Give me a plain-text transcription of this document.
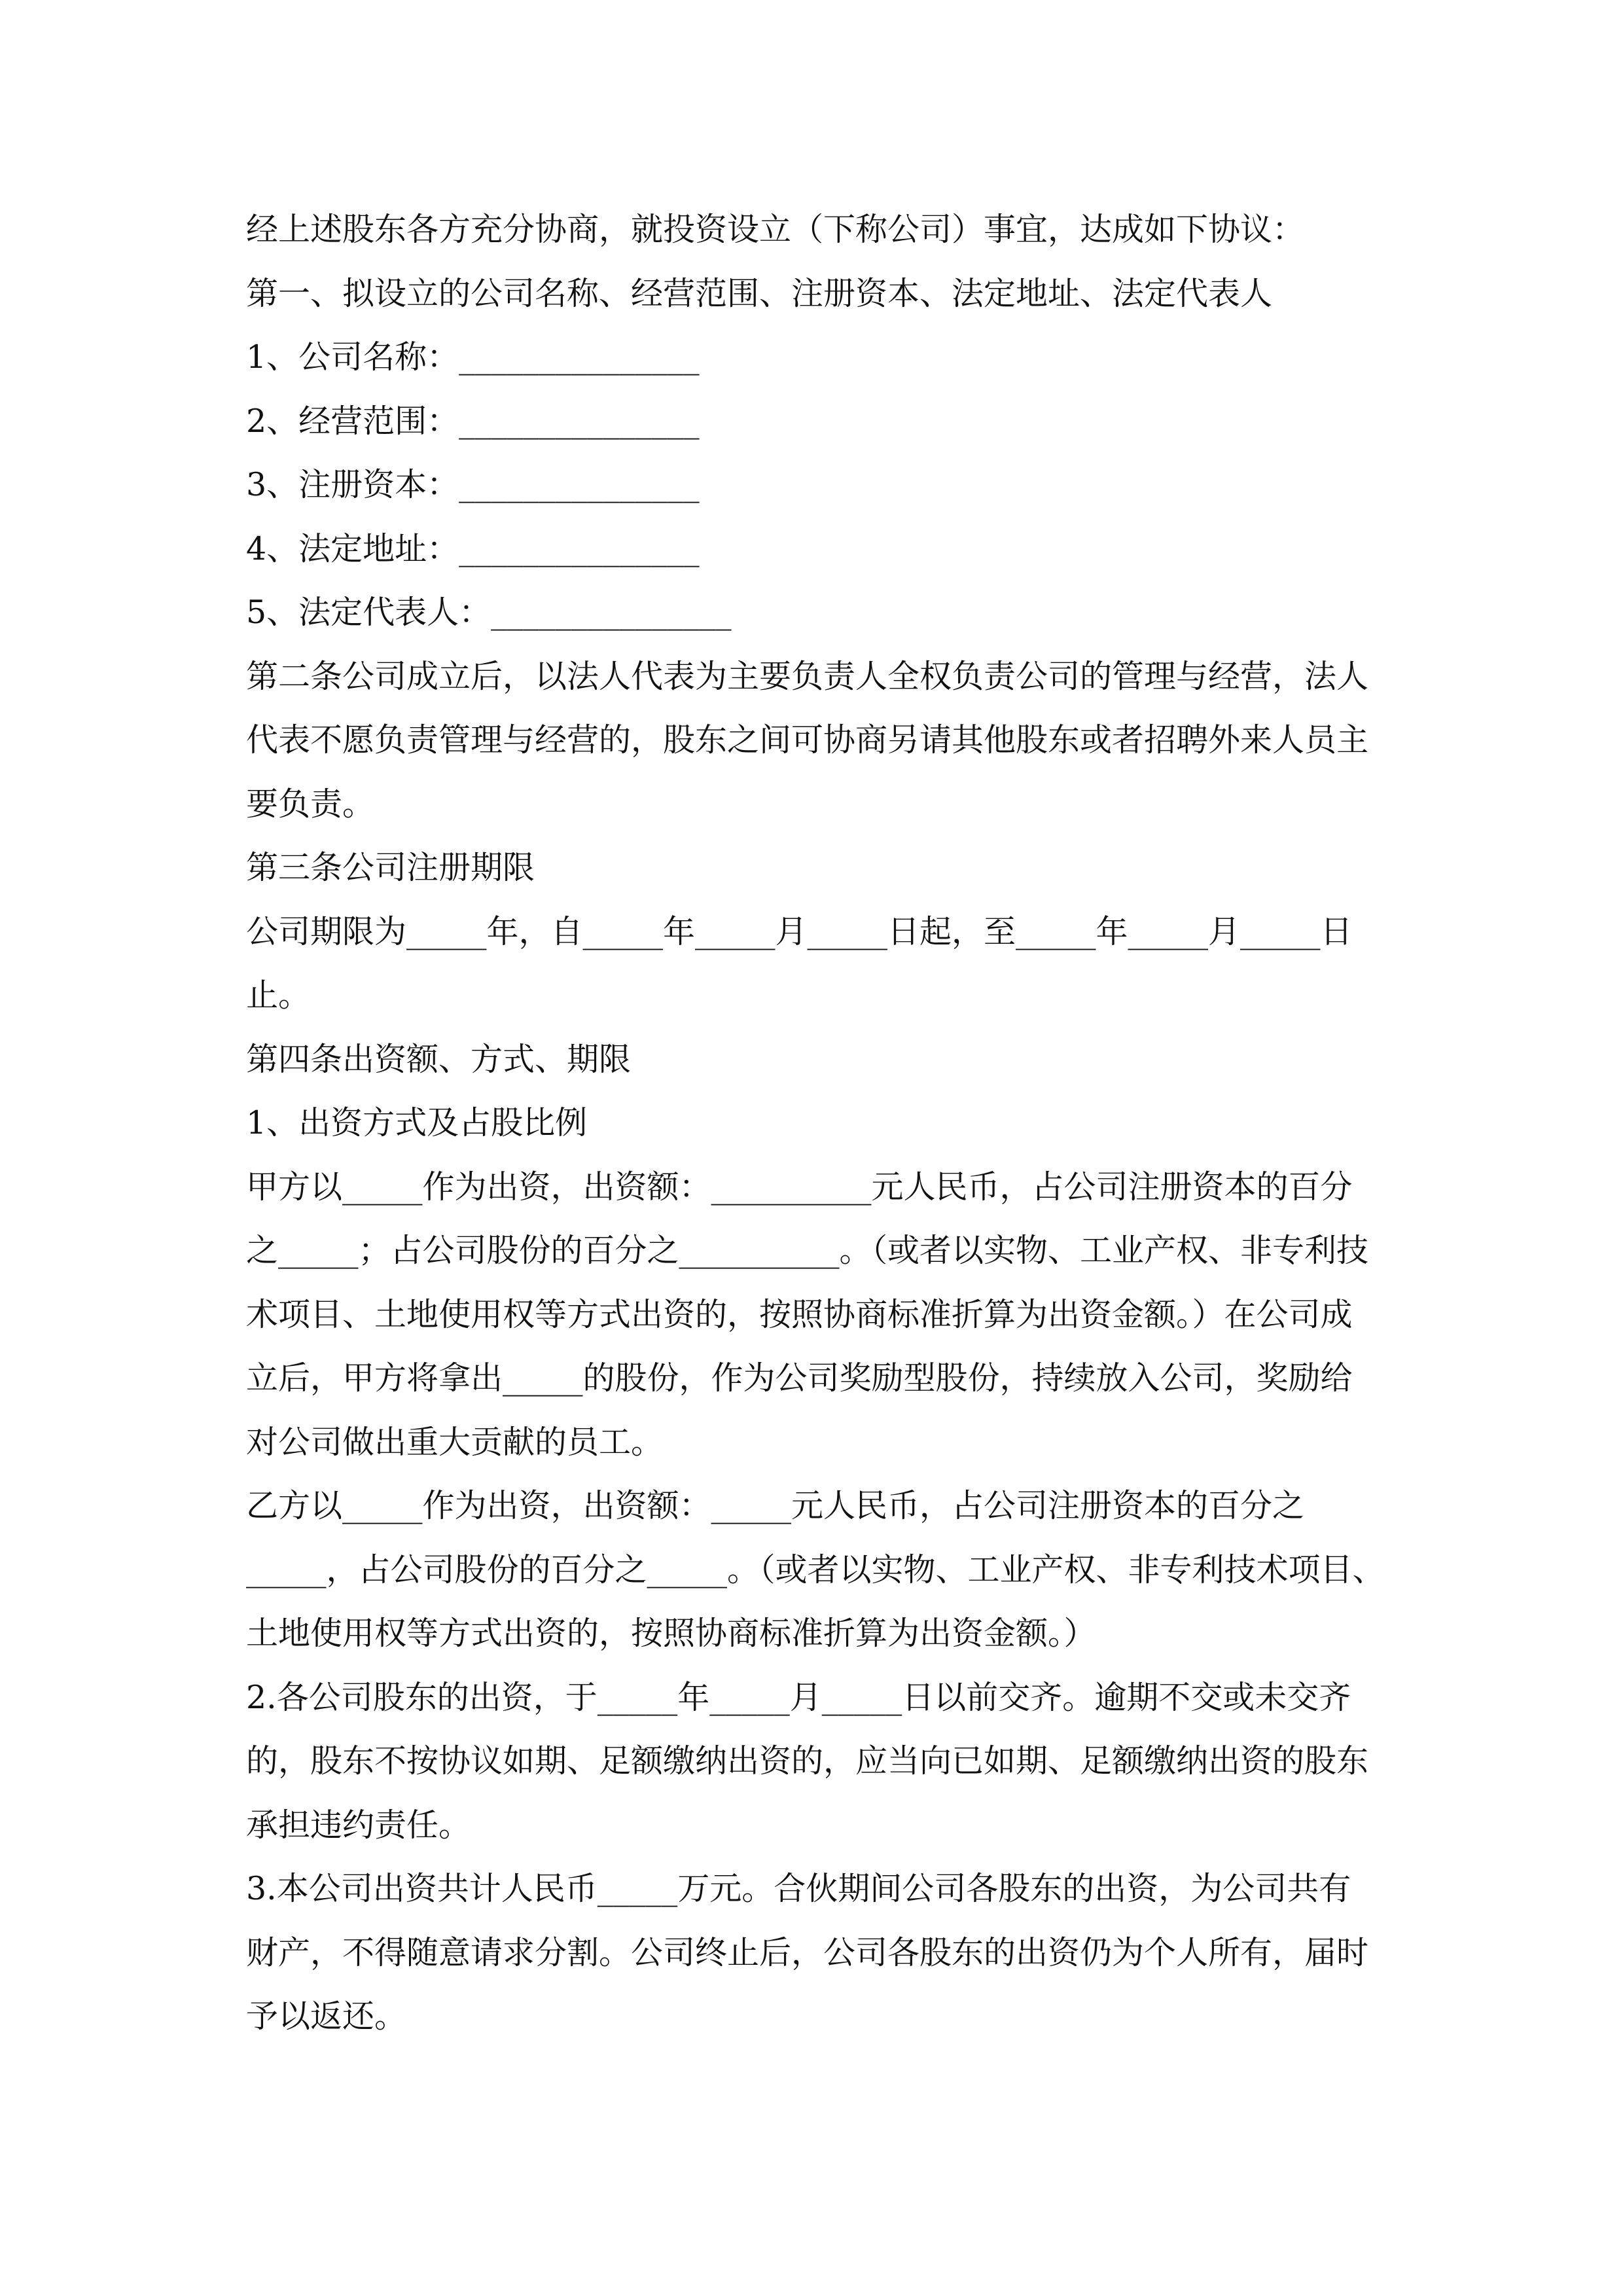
经上述股东各方充分协商，就投资设立（下称公司）事宜，达成如下协议：
第一、拟设立的公司名称、经营范围、注册资本、法定地址、法定代表人
1、公司名称：_______________
2、经营范围：_______________
3、注册资本：_______________
4、法定地址：_______________
5、法定代表人：_______________
第二条公司成立后，以法人代表为主要负责人全权负责公司的管理与经营，法人
代表不愿负责管理与经营的，股东之间可协商另请其他股东或者招聘外来人员主
要负责。
第三条公司注册期限
公司期限为_____年，自_____年_____月_____日起，至_____年_____月_____日
止。
第四条出资额、方式、期限
1、出资方式及占股比例
甲方以_____作为出资，出资额：__________元人民币，占公司注册资本的百分
之_____；占公司股份的百分之__________。（或者以实物、工业产权、非专利技
术项目、土地使用权等方式出资的，按照协商标准折算为出资金额。）在公司成
立后，甲方将拿出_____的股份，作为公司奖励型股份，持续放入公司，奖励给
对公司做出重大贡献的员工。
乙方以_____作为出资，出资额：_____元人民币，占公司注册资本的百分之
_____，占公司股份的百分之_____。（或者以实物、工业产权、非专利技术项目、
土地使用权等方式出资的，按照协商标准折算为出资金额。）
2.各公司股东的出资，于_____年_____月_____日以前交齐。逾期不交或未交齐
的，股东不按协议如期、足额缴纳出资的，应当向已如期、足额缴纳出资的股东
承担违约责任。
3.本公司出资共计人民币_____万元。合伙期间公司各股东的出资，为公司共有
财产，不得随意请求分割。公司终止后，公司各股东的出资仍为个人所有，届时
予以返还。
